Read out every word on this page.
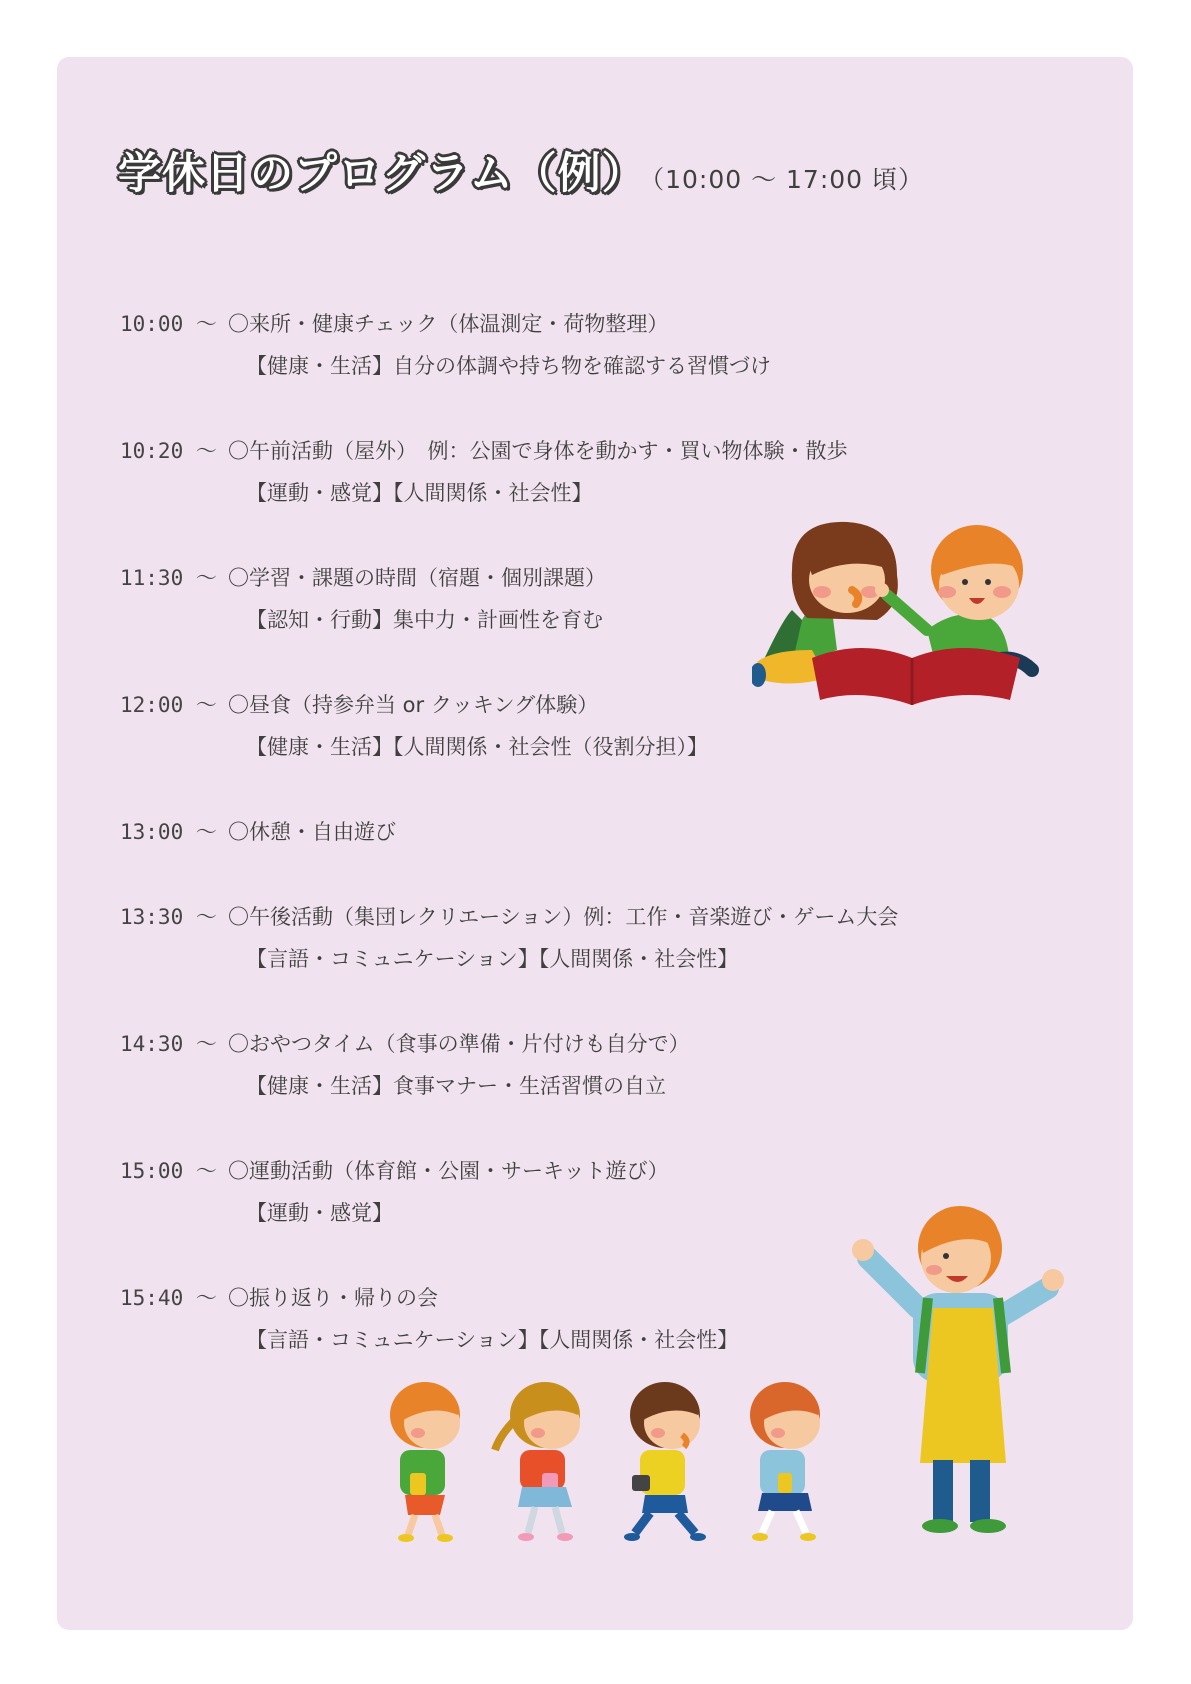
学休日のプログラム（例） （10:00 〜 17:00 頃）
10:00 〜 〇来所・健康チェック（体温測定・荷物整理）
【健康・生活】自分の体調や持ち物を確認する習慣づけ
10:20 〜 〇午前活動（屋外）　例：公園で身体を動かす・買い物体験・散歩
【運動・感覚】【人間関係・社会性】
11:30 〜 〇学習・課題の時間（宿題・個別課題）
【認知・行動】集中力・計画性を育む
12:00 〜 〇昼食（持参弁当 or クッキング体験）
【健康・生活】【人間関係・社会性（役割分担）】
13:00 〜 〇休憩・自由遊び
13:30 〜 〇午後活動（集団レクリエーション）例：工作・音楽遊び・ゲーム大会
【言語・コミュニケーション】【人間関係・社会性】
14:30 〜 〇おやつタイム（食事の準備・片付けも自分で）
【健康・生活】食事マナー・生活習慣の自立
15:00 〜 〇運動活動（体育館・公園・サーキット遊び）
【運動・感覚】
15:40 〜 〇振り返り・帰りの会
【言語・コミュニケーション】【人間関係・社会性】
